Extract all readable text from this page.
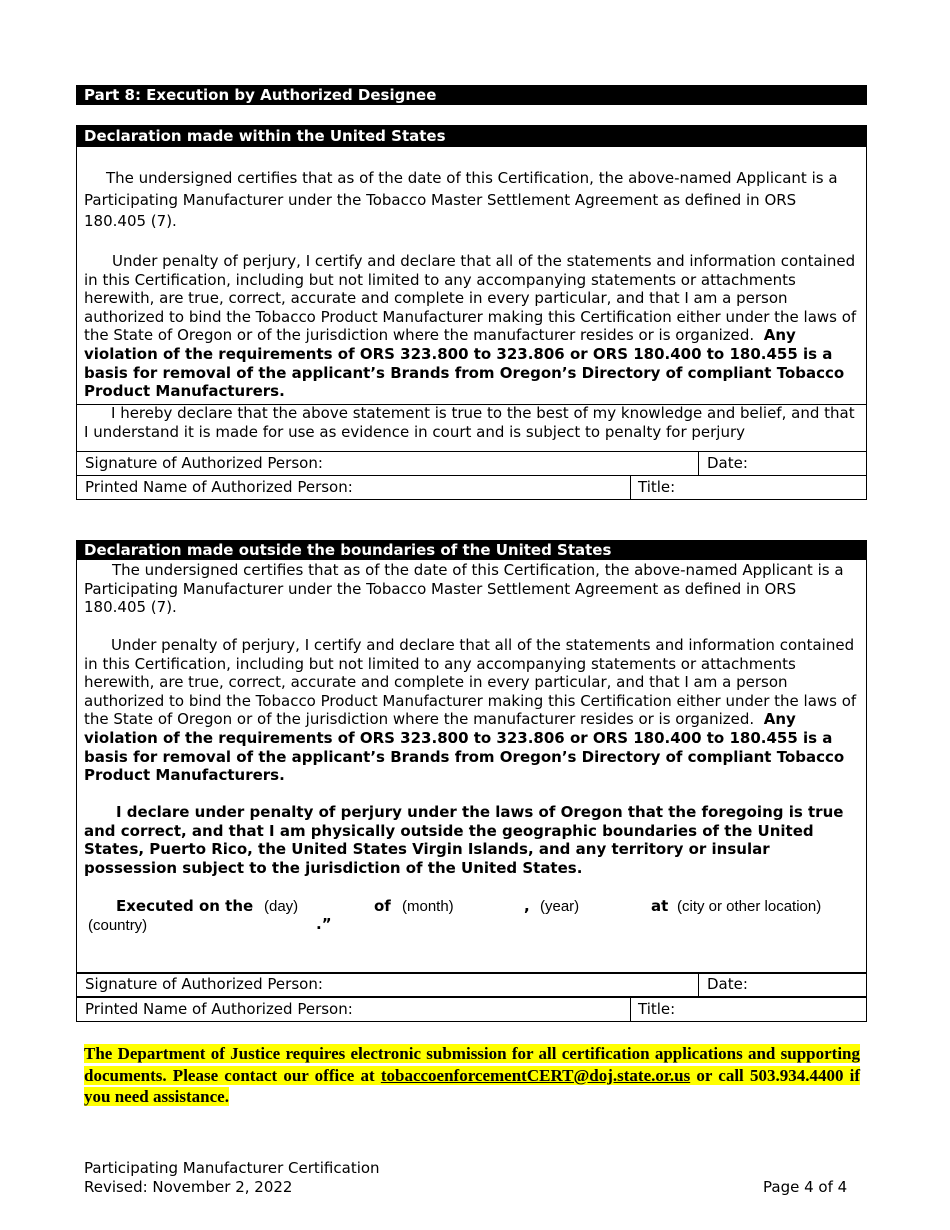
Part 8: Execution by Authorized Designee
Declaration made within the United States
The undersigned certifies that as of the date of this Certification, the above-named Applicant is a Participating Manufacturer under the Tobacco Master Settlement Agreement as defined in ORS 180.405 (7).
Under penalty of perjury, I certify and declare that all of the statements and information contained in this Certification, including but not limited to any accompanying statements or attachments herewith, are true, correct, accurate and complete in every particular, and that I am a person authorized to bind the Tobacco Product Manufacturer making this Certification either under the laws of the State of Oregon or of the jurisdiction where the manufacturer resides or is organized. Any violation of the requirements of ORS 323.800 to 323.806 or ORS 180.400 to 180.455 is a basis for removal of the applicant’s Brands from Oregon’s Directory of compliant Tobacco Product Manufacturers.
I hereby declare that the above statement is true to the best of my knowledge and belief, and that I understand it is made for use as evidence in court and is subject to penalty for perjury
Signature of Authorized Person:	Date:
Printed Name of Authorized Person:	Title:
Declaration made outside the boundaries of the United States
The undersigned certifies that as of the date of this Certification, the above-named Applicant is a Participating Manufacturer under the Tobacco Master Settlement Agreement as defined in ORS 180.405 (7).
Under penalty of perjury, I certify and declare that all of the statements and information contained in this Certification, including but not limited to any accompanying statements or attachments herewith, are true, correct, accurate and complete in every particular, and that I am a person authorized to bind the Tobacco Product Manufacturer making this Certification either under the laws of the State of Oregon or of the jurisdiction where the manufacturer resides or is organized. Any violation of the requirements of ORS 323.800 to 323.806 or ORS 180.400 to 180.455 is a basis for removal of the applicant’s Brands from Oregon’s Directory of compliant Tobacco Product Manufacturers.
I declare under penalty of perjury under the laws of Oregon that the foregoing is true and correct, and that I am physically outside the geographic boundaries of the United States, Puerto Rico, the United States Virgin Islands, and any territory or insular possession subject to the jurisdiction of the United States.
Executed on the (day)	of (month)	, (year)	at (city or other location)
(country)	.”
Signature of Authorized Person:	Date:
Printed Name of Authorized Person:	Title:
The Department of Justice requires electronic submission for all certification applications and supporting documents. Please contact our office at tobaccoenforcementCERT@doj.state.or.us or call 503.934.4400 if you need assistance.
Participating Manufacturer Certification
Revised: November 2, 2022	Page 4 of 4
